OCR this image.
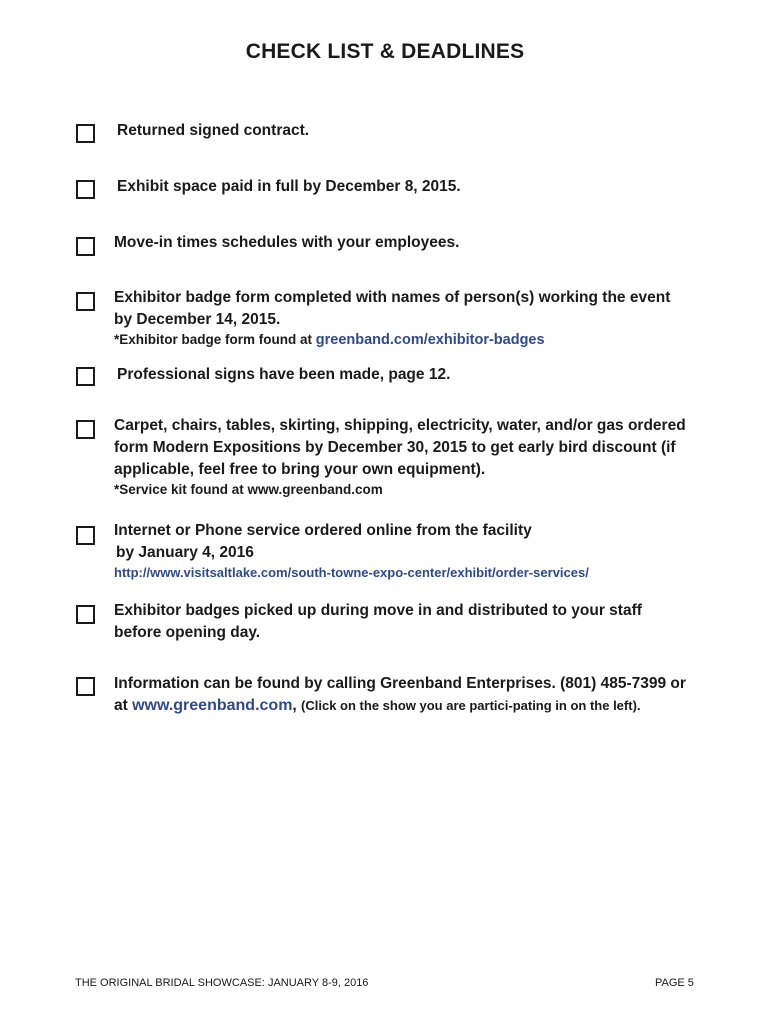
CHECK LIST & DEADLINES
Returned signed contract.
Exhibit space paid in full by December 8, 2015.
Move-in times schedules with your employees.
Exhibitor badge form completed with names of person(s) working the event by December 14, 2015.
*Exhibitor badge form found at greenband.com/exhibitor-badges
Professional signs have been made, page 12.
Carpet, chairs, tables, skirting, shipping, electricity, water, and/or gas ordered form Modern Expositions by December 30, 2015 to get early bird discount (if applicable, feel free to bring your own equipment).
*Service kit found at www.greenband.com
Internet or Phone service ordered online from the facility
by January 4, 2016
http://www.visitsaltlake.com/south-towne-expo-center/exhibit/order-services/
Exhibitor badges picked up during move in and distributed to your staff before opening day.
Information can be found by calling Greenband Enterprises. (801) 485-7399 or at www.greenband.com, (Click on the show you are partici-pating in on the left).
THE ORIGINAL BRIDAL SHOWCASE: JANUARY 8-9, 2016	PAGE 5
